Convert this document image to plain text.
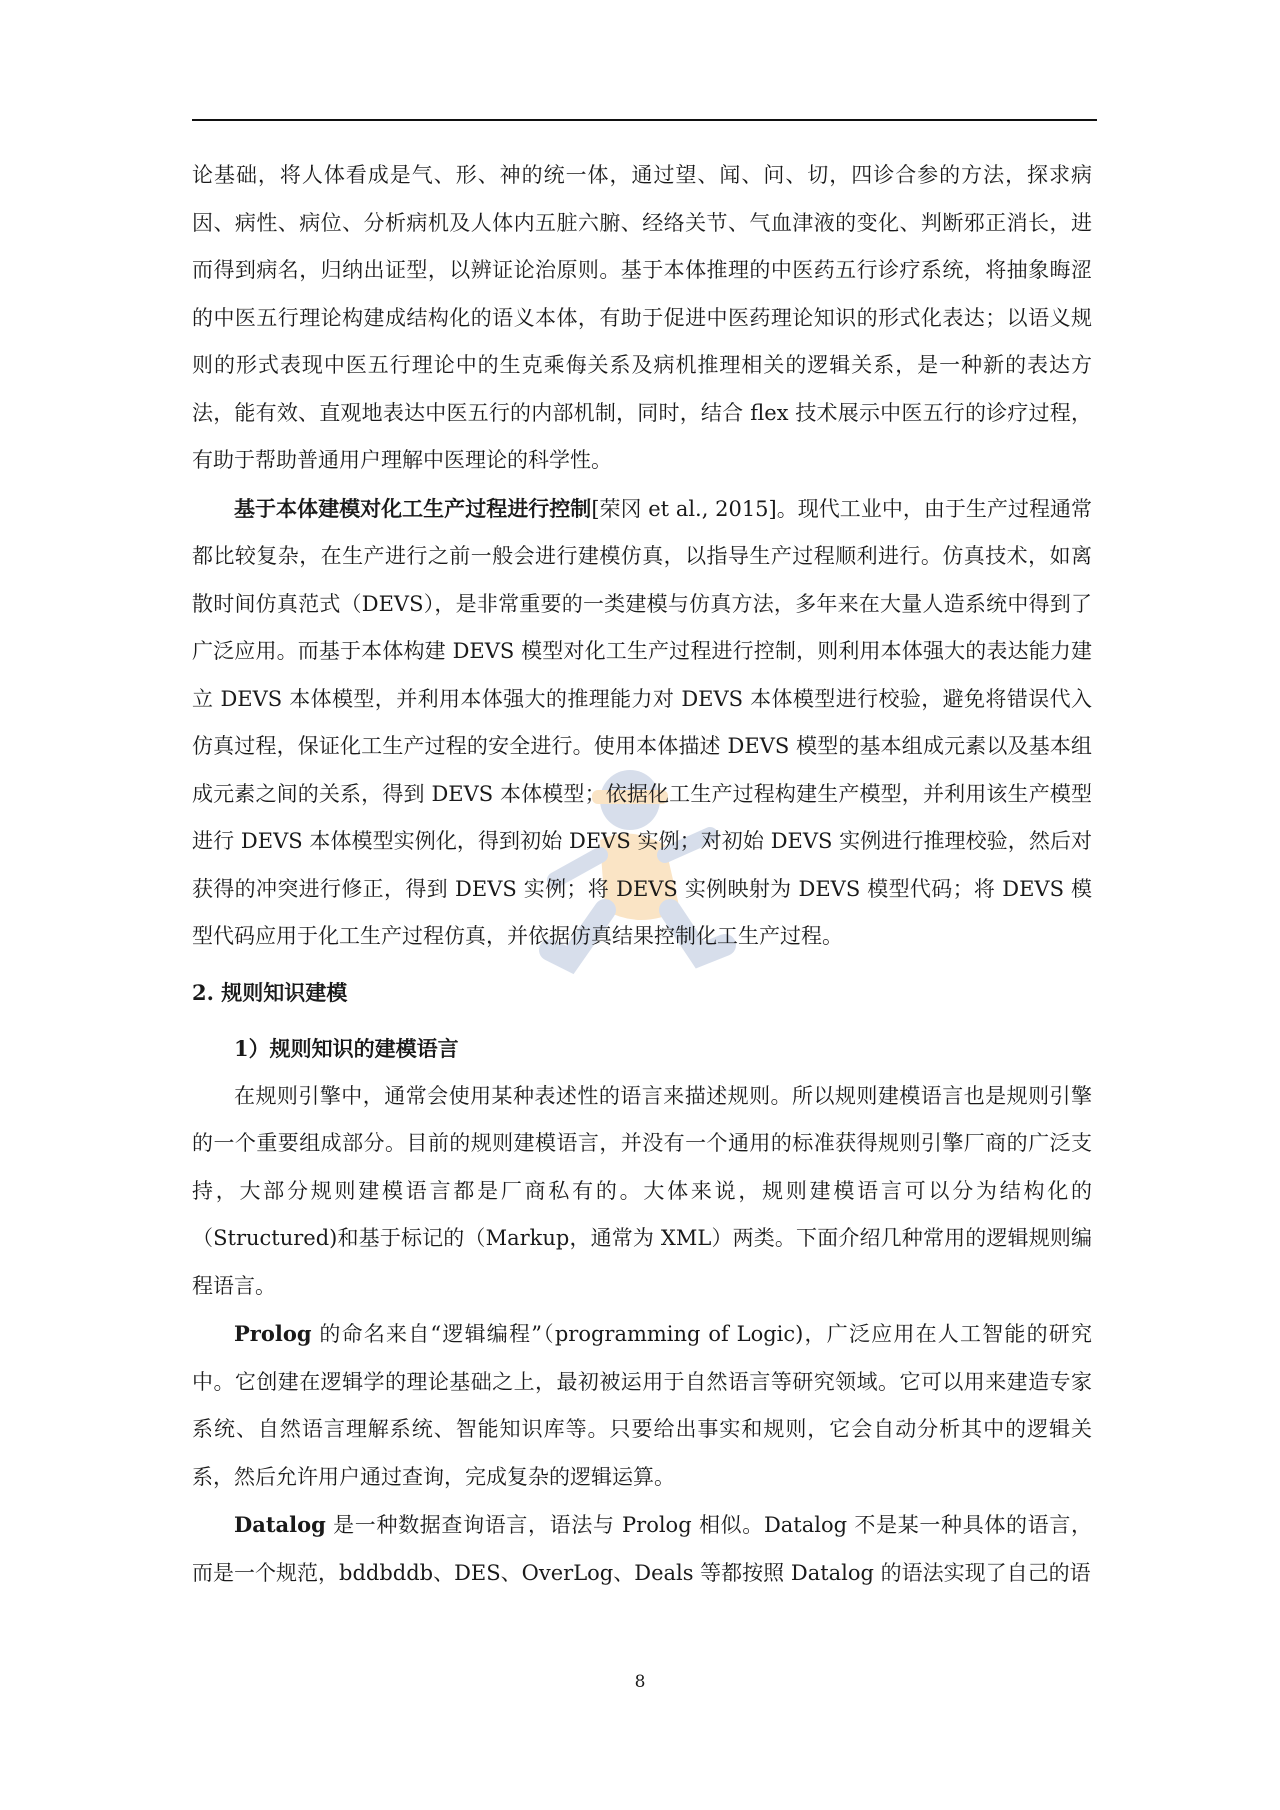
论基础，将人体看成是气、形、神的统一体，通过望、闻、问、切，四诊合参的方法，探求病因、病性、病位、分析病机及人体内五脏六腑、经络关节、气血津液的变化、判断邪正消长，进而得到病名，归纳出证型，以辨证论治原则。基于本体推理的中医药五行诊疗系统，将抽象晦涩的中医五行理论构建成结构化的语义本体，有助于促进中医药理论知识的形式化表达；以语义规则的形式表现中医五行理论中的生克乘侮关系及病机推理相关的逻辑关系，是一种新的表达方法，能有效、直观地表达中医五行的内部机制，同时，结合 flex 技术展示中医五行的诊疗过程，有助于帮助普通用户理解中医理论的科学性。

基于本体建模对化工生产过程进行控制[荣冈 et al., 2015]。现代工业中，由于生产过程通常都比较复杂，在生产进行之前一般会进行建模仿真，以指导生产过程顺利进行。仿真技术，如离散时间仿真范式（DEVS），是非常重要的一类建模与仿真方法，多年来在大量人造系统中得到了广泛应用。而基于本体构建 DEVS 模型对化工生产过程进行控制，则利用本体强大的表达能力建立 DEVS 本体模型，并利用本体强大的推理能力对 DEVS 本体模型进行校验，避免将错误代入仿真过程，保证化工生产过程的安全进行。使用本体描述 DEVS 模型的基本组成元素以及基本组成元素之间的关系，得到 DEVS 本体模型；依据化工生产过程构建生产模型，并利用该生产模型进行 DEVS 本体模型实例化，得到初始 DEVS 实例；对初始 DEVS 实例进行推理校验，然后对获得的冲突进行修正，得到 DEVS 实例；将 DEVS 实例映射为 DEVS 模型代码；将 DEVS 模型代码应用于化工生产过程仿真，并依据仿真结果控制化工生产过程。

2. 规则知识建模
1）规则知识的建模语言

在规则引擎中，通常会使用某种表述性的语言来描述规则。所以规则建模语言也是规则引擎的一个重要组成部分。目前的规则建模语言，并没有一个通用的标准获得规则引擎厂商的广泛支持，大部分规则建模语言都是厂商私有的。大体来说，规则建模语言可以分为结构化的（Structured)和基于标记的（Markup，通常为 XML）两类。下面介绍几种常用的逻辑规则编程语言。

Prolog 的命名来自“逻辑编程”（programming of Logic)，广泛应用在人工智能的研究中。它创建在逻辑学的理论基础之上，最初被运用于自然语言等研究领域。它可以用来建造专家系统、自然语言理解系统、智能知识库等。只要给出事实和规则，它会自动分析其中的逻辑关系，然后允许用户通过查询，完成复杂的逻辑运算。

Datalog 是一种数据查询语言，语法与 Prolog 相似。Datalog 不是某一种具体的语言，而是一个规范，bddbddb、DES、OverLog、Deals 等都按照 Datalog 的语法实现了自己的语

8
